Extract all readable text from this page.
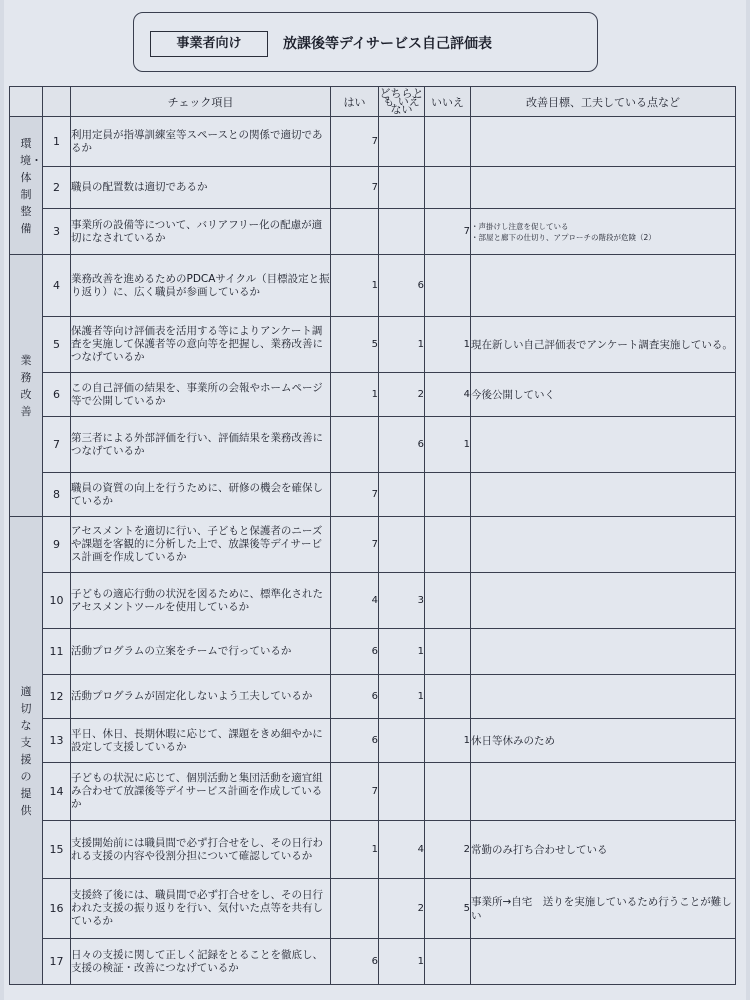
事業者向け	放課後等デイサービス自己評価表
		チェック項目	はい	どちらとも いえない	いいえ	改善目標、工夫している点など
環境・体制整備	1	利用定員が指導訓練室等スペースとの関係で適切であるか	7			
	2	職員の配置数は適切であるか	7			
	3	事業所の設備等について、バリアフリー化の配慮が適切になされているか			7	・声掛けし注意を促している
・部屋と廊下の仕切り、アプローチの階段が危険（2）
業務改善	4	業務改善を進めるためのPDCAサイクル（目標設定と振り返り）に、広く職員が参画しているか	1	6		
	5	保護者等向け評価表を活用する等によりアンケート調査を実施して保護者等の意向等を把握し、業務改善につなげているか	5	1	1	現在新しい自己評価表でアンケート調査実施している。
	6	この自己評価の結果を、事業所の会報やホームページ等で公開しているか	1	2	4	今後公開していく
	7	第三者による外部評価を行い、評価結果を業務改善につなげているか		6	1	
	8	職員の資質の向上を行うために、研修の機会を確保しているか	7			
適切な支援の提供	9	アセスメントを適切に行い、子どもと保護者のニーズや課題を客観的に分析した上で、放課後等デイサービス計画を作成しているか	7			
	10	子どもの適応行動の状況を図るために、標準化されたアセスメントツールを使用しているか	4	3		
	11	活動プログラムの立案をチームで行っているか	6	1		
	12	活動プログラムが固定化しないよう工夫しているか	6	1		
	13	平日、休日、長期休暇に応じて、課題をきめ細やかに設定して支援しているか	6		1	休日等休みのため
	14	子どもの状況に応じて、個別活動と集団活動を適宜組み合わせて放課後等デイサービス計画を作成しているか	7			
	15	支援開始前には職員間で必ず打合せをし、その日行われる支援の内容や役割分担について確認しているか	1	4	2	常勤のみ打ち合わせしている
	16	支援終了後には、職員間で必ず打合せをし、その日行われた支援の振り返りを行い、気付いた点等を共有しているか		2	5	事業所→自宅　送りを実施しているため行うことが難しい
	17	日々の支援に関して正しく記録をとることを徹底し、支援の検証・改善につなげているか	6	1		
